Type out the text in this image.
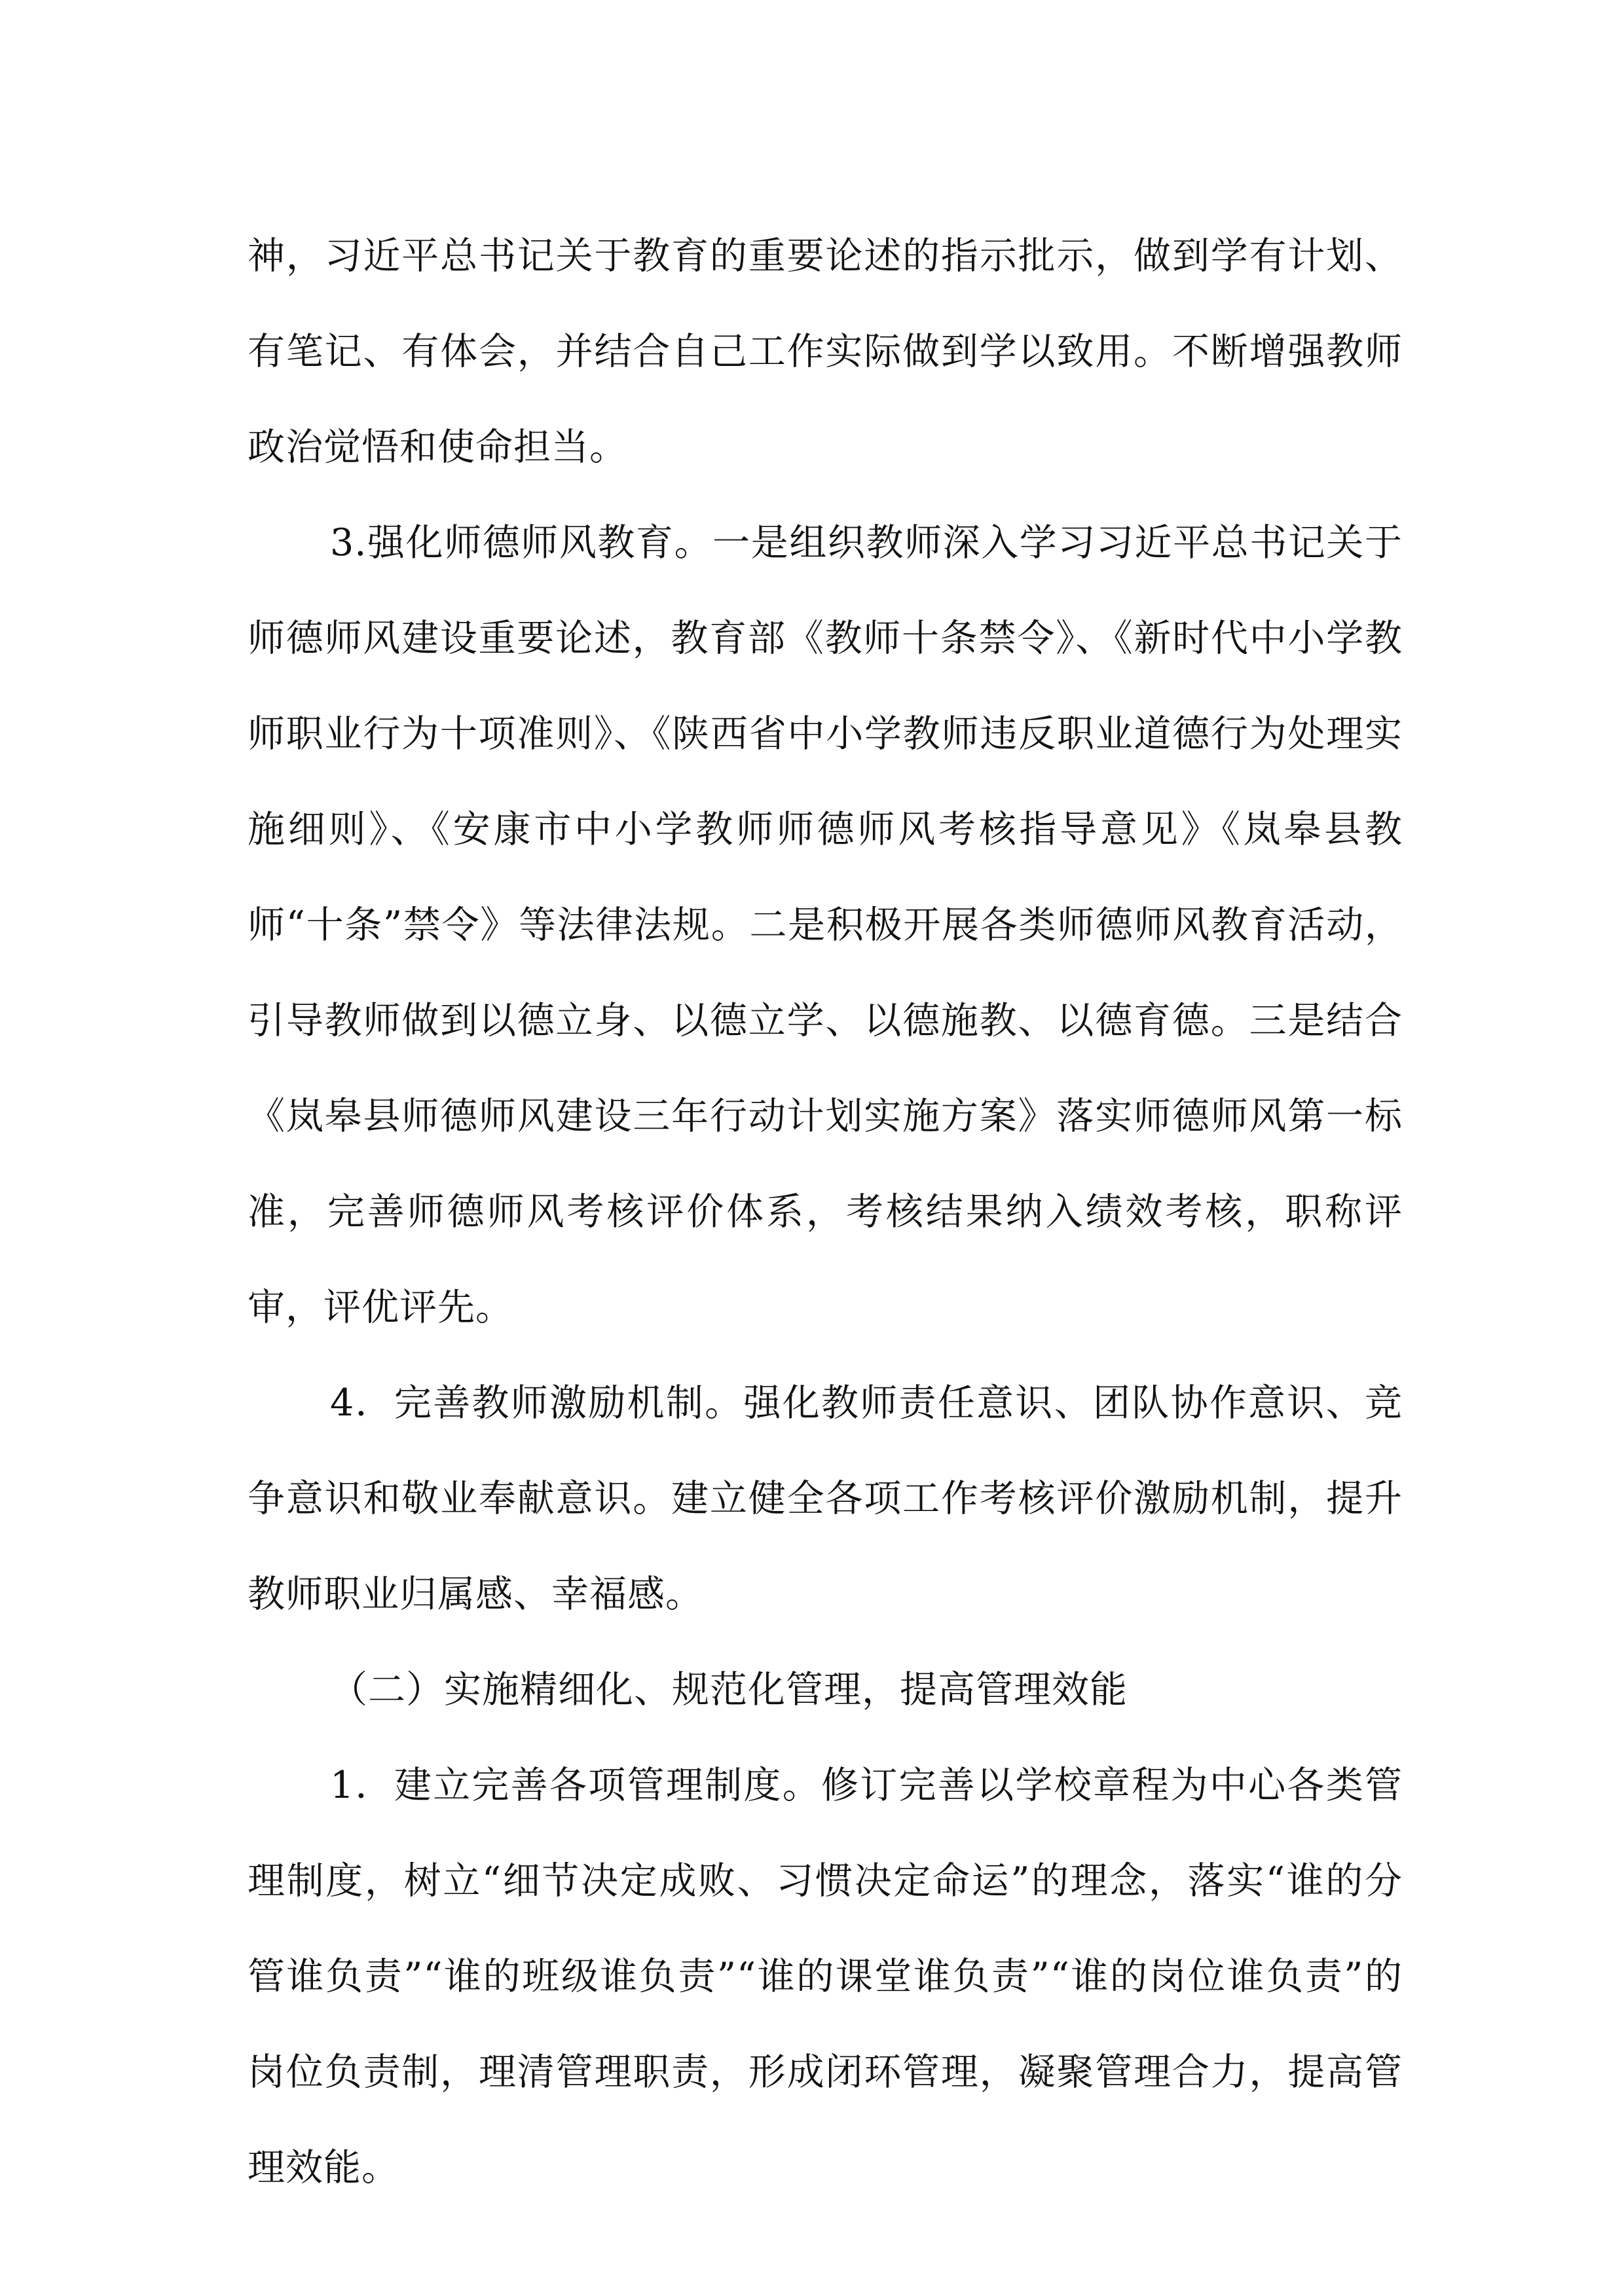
神，习近平总书记关于教育的重要论述的指示批示，做到学有计划、有笔记、有体会，并结合自己工作实际做到学以致用。不断增强教师政治觉悟和使命担当。

3.强化师德师风教育。一是组织教师深入学习习近平总书记关于师德师风建设重要论述，教育部《教师十条禁令》、《新时代中小学教师职业行为十项准则》、《陕西省中小学教师违反职业道德行为处理实施细则》、《安康市中小学教师师德师风考核指导意见》《岚皋县教师“十条”禁令》等法律法规。二是积极开展各类师德师风教育活动，引导教师做到以德立身、以德立学、以德施教、以德育德。三是结合《岚皋县师德师风建设三年行动计划实施方案》落实师德师风第一标准，完善师德师风考核评价体系，考核结果纳入绩效考核，职称评审，评优评先。

4．完善教师激励机制。强化教师责任意识、团队协作意识、竞争意识和敬业奉献意识。建立健全各项工作考核评价激励机制，提升教师职业归属感、幸福感。

（二）实施精细化、规范化管理，提高管理效能

1．建立完善各项管理制度。修订完善以学校章程为中心各类管理制度，树立“细节决定成败、习惯决定命运”的理念，落实“谁的分管谁负责”“谁的班级谁负责”“谁的课堂谁负责”“谁的岗位谁负责”的岗位负责制，理清管理职责，形成闭环管理，凝聚管理合力，提高管理效能。
